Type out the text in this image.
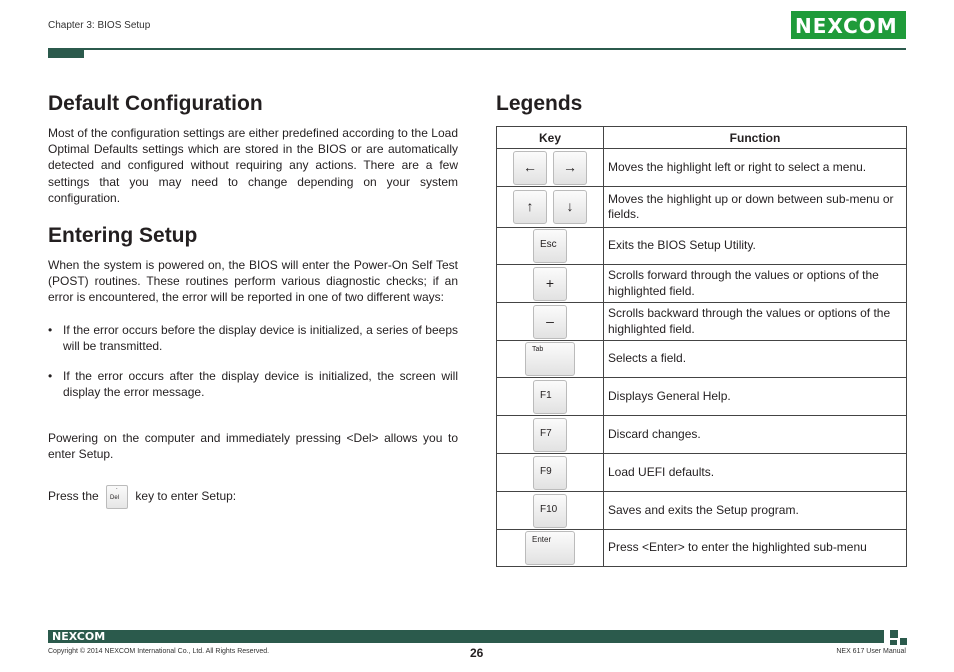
Chapter 3: BIOS Setup	NEXCOM
Default Configuration
Most of the configuration settings are either predefined according to the Load Optimal Defaults settings which are stored in the BIOS or are automatically detected and configured without requiring any actions. There are a few settings that you may need to change depending on your system configuration.
Entering Setup
When the system is powered on, the BIOS will enter the Power-On Self Test (POST) routines. These routines perform various diagnostic checks; if an error is encountered, the error will be reported in one of two different ways:
• If the error occurs before the display device is initialized, a series of beeps will be transmitted.
• If the error occurs after the display device is initialized, the screen will display the error message.
Powering on the computer and immediately pressing <Del> allows you to enter Setup.
Press the
.
Del key to enter Setup:
Legends
Key	Function

← →	Moves the highlight left or right to select a menu.

↑ ↓	Moves the highlight up or down between sub-menu or fields.

Esc	Exits the BIOS Setup Utility.

+	Scrolls forward through the values or options of the highlighted field.

–	Scrolls backward through the values or options of the highlighted field.

Tab	Selects a field.

F1	Displays General Help.

F7	Discard changes.

F9	Load UEFI defaults.

F10	Saves and exits the Setup program.

Enter	Press <Enter> to enter the highlighted sub-menu
NEXCOM
Copyright © 2014 NEXCOM International Co., Ltd. All Rights Reserved.	26	NEX 617 User Manual
